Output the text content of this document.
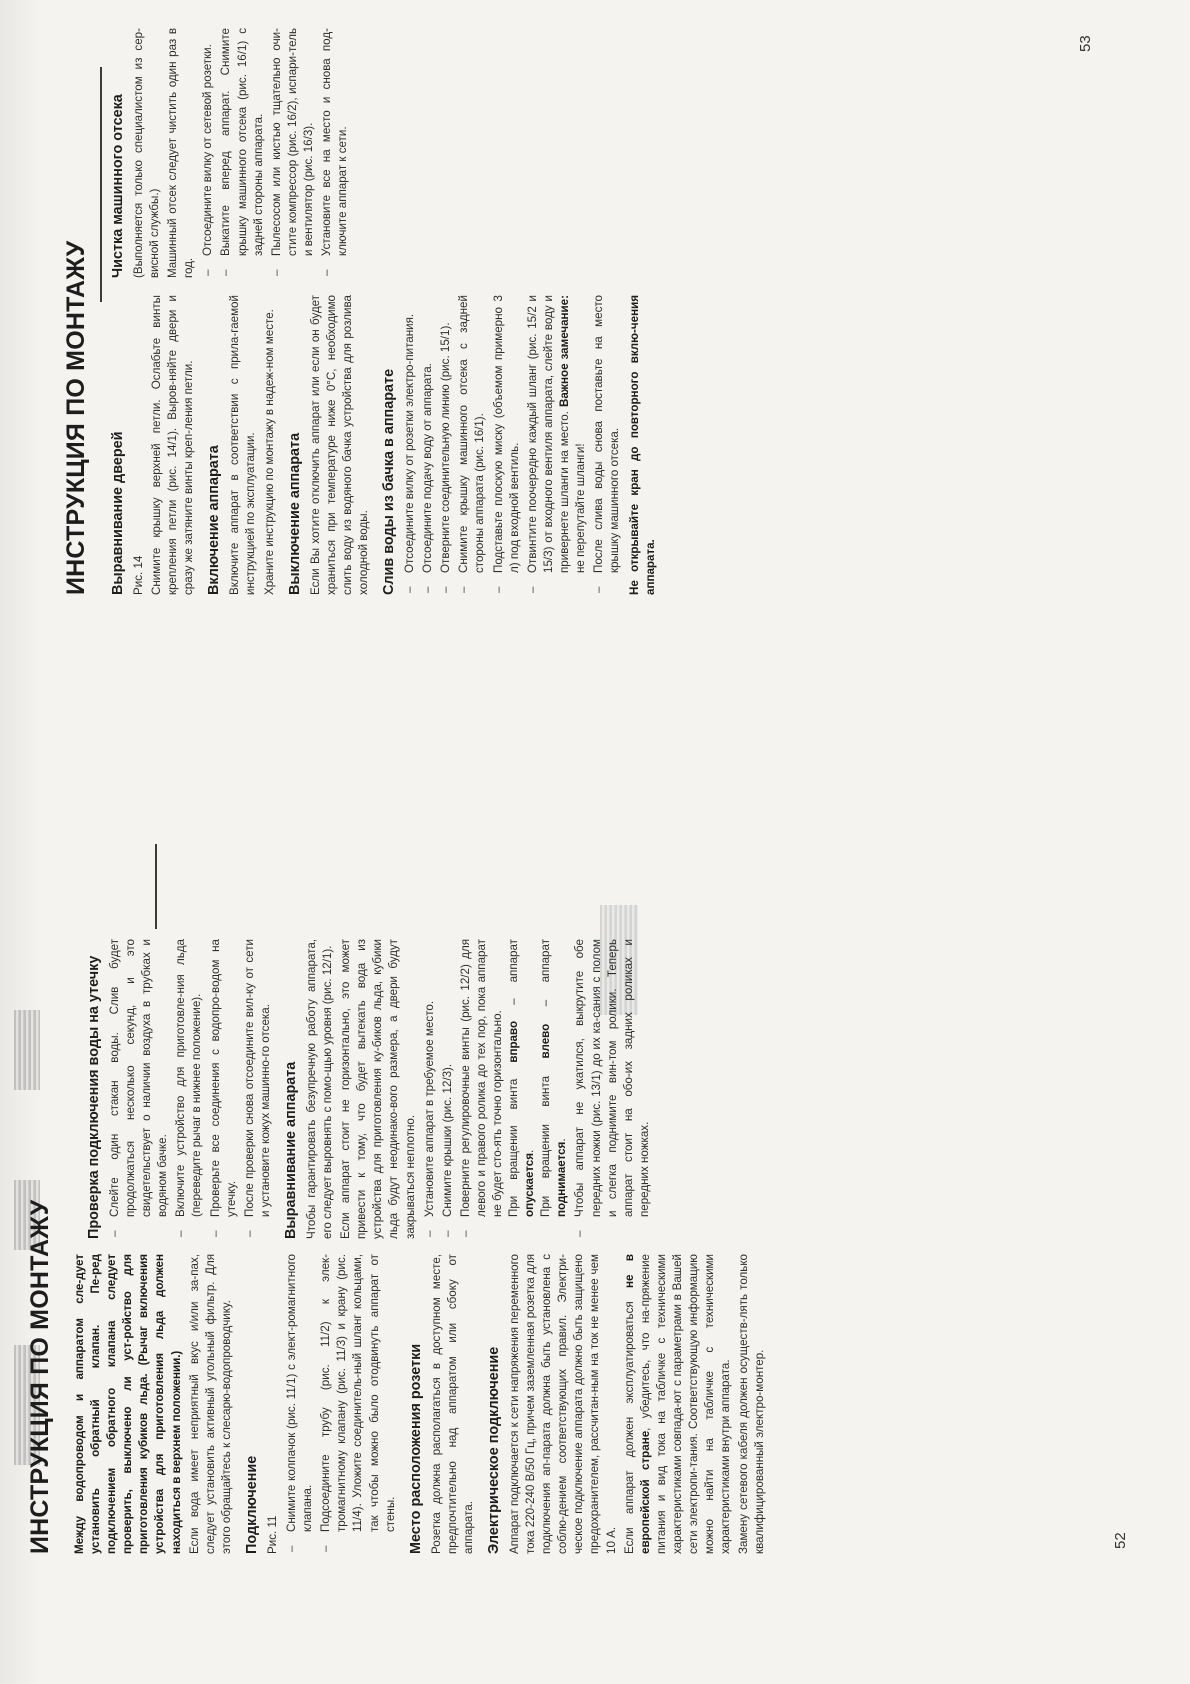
ИНСТРУКЦИЯ ПО МОНТАЖУ Между водопроводом и аппаратом сле-дует установить обратный клапан. Пе-ред подключением обратного клапана следует проверить, выключено ли уст-ройство для приготовления кубиков льда. (Рычаг включения устройства для приготовления льда должен находиться в верхнем положении.) Если вода имеет неприятный вкус и/или за-пах, следует установить активный угольный фильтр. Для этого обращайтесь к слесарю-водопроводчику. Подключение Рис. 11

– Снимите колпачок (рис. 11/1) с элект-ромагнитного клапана. – Подсоедините трубу (рис. 11/2) к элек-тромагнитному клапану (рис. 11/3) и крану (рис. 11/4). Уложите соединитель-ный шланг кольцами, так чтобы можно было отодвинуть аппарат от стены. Место расположения розетки Розетка должна располагаться в доступном месте, предпочтительно над аппаратом или сбоку от аппарата. Электрическое подключение Аппарат подключается к сети напряжения переменного тока 220-240 В/50 Гц, причем заземленная розетка для подключения ап-парата должна быть установлена с соблю-дением соответствующих правил. Электри-ческое подключение аппарата должно быть защищено предохранителем, рассчитан-ным на ток не менее чем 10 А. Если аппарат должен эксплуатироваться не в европейской стране, убедитесь, что на-пряжение питания и вид тока на табличке с техническими характеристиками совпада-ют с параметрами в Вашей сети электропи-тания. Соответствующую информацию можно найти на табличке с техническими характеристиками внутри аппарата. Замену сетевого кабеля должен осуществ-лять только квалифицированный электро-монтер.

Проверка подключения воды на утечку – Слейте один стакан воды. Слив будет продолжаться несколько секунд, и это свидетельствует о наличии воздуха в трубках и водяном бачке. – Включите устройство для приготовле-ния льда (переведите рычаг в нижнее положение). – Проверьте все соединения с водопро-водом на утечку. – После проверки снова отсоедините вил-ку от сети и установите кожух машинно-го отсека. Выравнивание аппарата Чтобы гарантировать безупречную работу аппарата, его следует выровнять с помо-щью уровня (рис. 12/1). Если аппарат стоит не горизонтально, это может привести к тому, что будет вытекать вода из устройства для приготовления ку-биков льда, кубики льда будут неодинако-вого размера, а двери будут закрываться неплотно. – Установите аппарат в требуемое место. – Снимите крышки (рис. 12/3). – Поверните регулировочные винты (рис. 12/2) для левого и правого ролика до тех пор, пока аппарат не будет сто-ять точно горизонтально. При вращении винта вправо – аппарат опускается. При вращении винта влево – аппарат поднимается. – Чтобы аппарат не укатился, выкрутите обе передних ножки (рис. 13/1) до их ка-сания с полом и слегка поднимите вин-том ролики. Теперь аппарат стоит на обо-их задних роликах и передних ножках.
52
ИНСТРУКЦИЯ ПО МОНТАЖУ Выравнивание дверей Рис. 14 Снимите крышку верхней петли. Ослабьте винты крепления петли (рис. 14/1). Выров-няйте двери и сразу же затяните винты креп-ления петли. Включение аппарата Включите аппарат в соответствии с прила-гаемой инструкцией по эксплуатации. Храните инструкцию по монтажу в надеж-ном месте. Выключение аппарата Если Вы хотите отключить аппарат или если он будет храниться при температуре ниже 0°С, необходимо слить воду из водяного бачка устройства для розлива холодной воды. Слив воды из бачка в аппарате – Отсоедините вилку от розетки электро-питания. – Отсоедините подачу воду от аппарата. – Отверните соединительную линию (рис. 15/1). – Снимите крышку машинного отсека с задней стороны аппарата (рис. 16/1). – Подставьте плоскую миску (объемом примерно 3 л) под входной вентиль. – Отвинтите поочередно каждый шланг (рис. 15/2 и 15/3) от входного вентиля аппарата, слейте воду и привернете шланги на место. Важное замечание: не перепутайте шланги! – После слива воды снова поставьте на место крышку машинного отсека. Не открывайте кран до повторного вклю-чения аппарата.

Чистка машинного отсека (Выполняется только специалистом из сер-висной службы.) Машинный отсек следует чистить один раз в год.

– Отсоедините вилку от сетевой розетки. – Выкатите вперед аппарат. Снимите крышку машинного отсека (рис. 16/1) с задней стороны аппарата. – Пылесосом или кистью тщательно очи-стите компрессор (рис. 16/2), испари-тель и вентилятор (рис. 16/3). – Установите все на место и снова под-ключите аппарат к сети.
53
